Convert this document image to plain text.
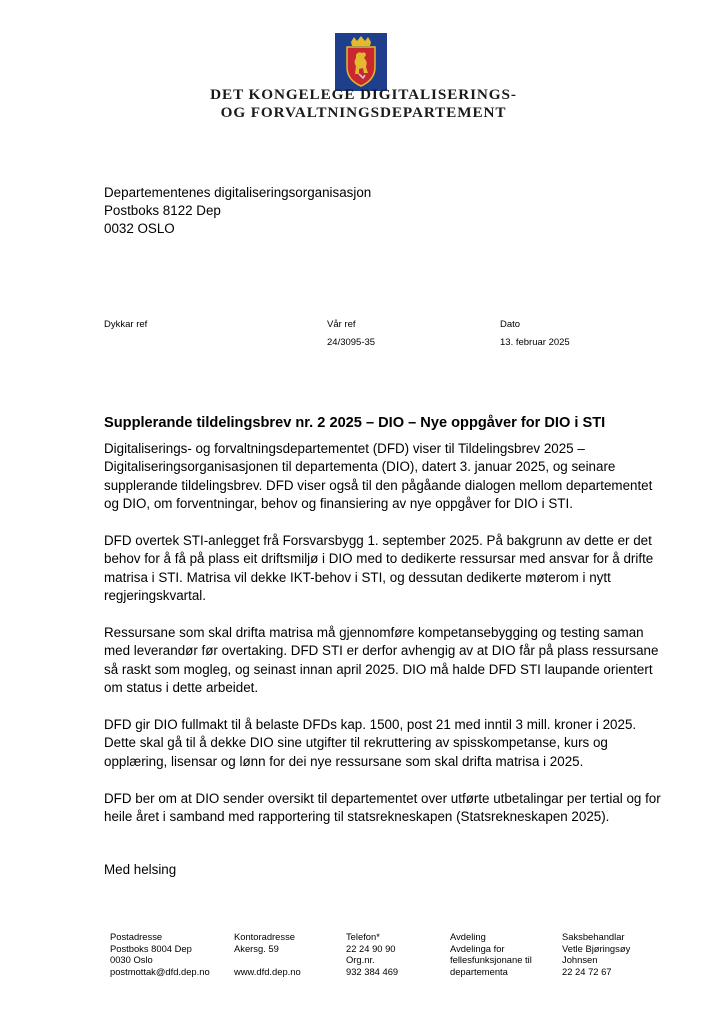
DET KONGELEGE DIGITALISERINGS-
OG FORVALTNINGSDEPARTEMENT
Departementenes digitaliseringsorganisasjon
Postboks 8122 Dep
0032 OSLO
Dykkar ref	Vår ref
24/3095-35
Dato
13. februar 2025
Supplerande tildelingsbrev nr. 2 2025 – DIO – Nye oppgåver for DIO i STI

Digitaliserings- og forvaltningsdepartementet (DFD) viser til Tildelingsbrev 2025 – Digitaliseringsorganisasjonen til departementa (DIO), datert 3. januar 2025, og seinare supplerande tildelingsbrev. DFD viser også til den pågåande dialogen mellom departementet og DIO, om forventningar, behov og finansiering av nye oppgåver for DIO i STI.

DFD overtek STI-anlegget frå Forsvarsbygg 1. september 2025. På bakgrunn av dette er det behov for å få på plass eit driftsmiljø i DIO med to dedikerte ressursar med ansvar for å drifte matrisa i STI. Matrisa vil dekke IKT-behov i STI, og dessutan dedikerte møterom i nytt regjeringskvartal.

Ressursane som skal drifta matrisa må gjennomføre kompetansebygging og testing saman med leverandør før overtaking. DFD STI er derfor avhengig av at DIO får på plass ressursane så raskt som mogleg, og seinast innan april 2025. DIO må halde DFD STI laupande orientert om status i dette arbeidet.

DFD gir DIO fullmakt til å belaste DFDs kap. 1500, post 21 med inntil 3 mill. kroner i 2025. Dette skal gå til å dekke DIO sine utgifter til rekruttering av spisskompetanse, kurs og opplæring, lisensar og lønn for dei nye ressursane som skal drifta matrisa i 2025.

DFD ber om at DIO sender oversikt til departementet over utførte utbetalingar per tertial og for heile året i samband med rapportering til statsrekneskapen (Statsrekneskapen 2025).

Med helsing
Postadresse
Postboks 8004 Dep
0030 Oslo
postmottak@dfd.dep.no
Kontoradresse
Akersg. 59

www.dfd.dep.no
Telefon*
22 24 90 90
Org.nr.
932 384 469
Avdeling
Avdelinga for
fellesfunksjonane til
departementa
Saksbehandlar
Vetle Bjøringsøy
Johnsen
22 24 72 67
